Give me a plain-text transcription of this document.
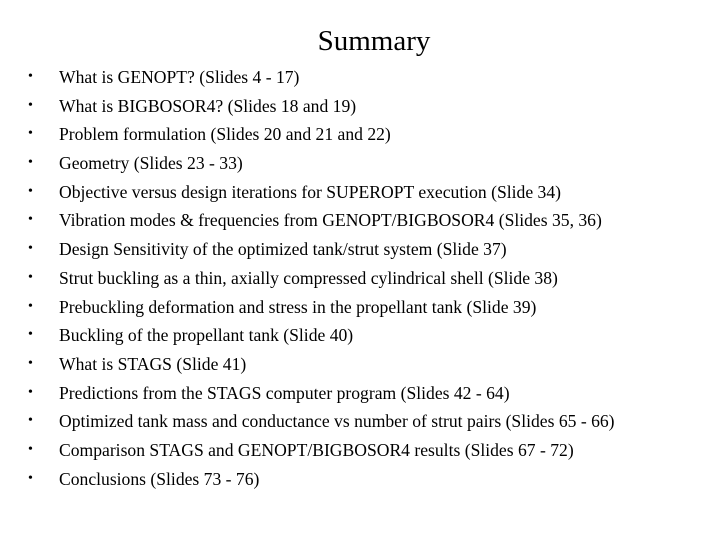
Summary
•	What is GENOPT? (Slides 4 - 17)
•	What is BIGBOSOR4? (Slides 18 and 19)
•	Problem formulation (Slides 20 and 21 and 22)
•	Geometry (Slides 23 - 33)
•	Objective versus design iterations for SUPEROPT execution (Slide 34)
•	Vibration modes & frequencies from GENOPT/BIGBOSOR4 (Slides 35, 36)
•	Design Sensitivity of the optimized tank/strut system (Slide 37)
•	Strut buckling as a thin, axially compressed cylindrical shell (Slide 38)
•	Prebuckling deformation and stress in the propellant tank (Slide 39)
•	Buckling of the propellant tank (Slide 40)
•	What is STAGS (Slide 41)
•	Predictions from the STAGS computer program (Slides 42 - 64)
•	Optimized tank mass and conductance vs number of strut pairs (Slides 65 - 66)
•	Comparison STAGS and GENOPT/BIGBOSOR4 results (Slides 67 - 72)
•	Conclusions (Slides 73 - 76)
